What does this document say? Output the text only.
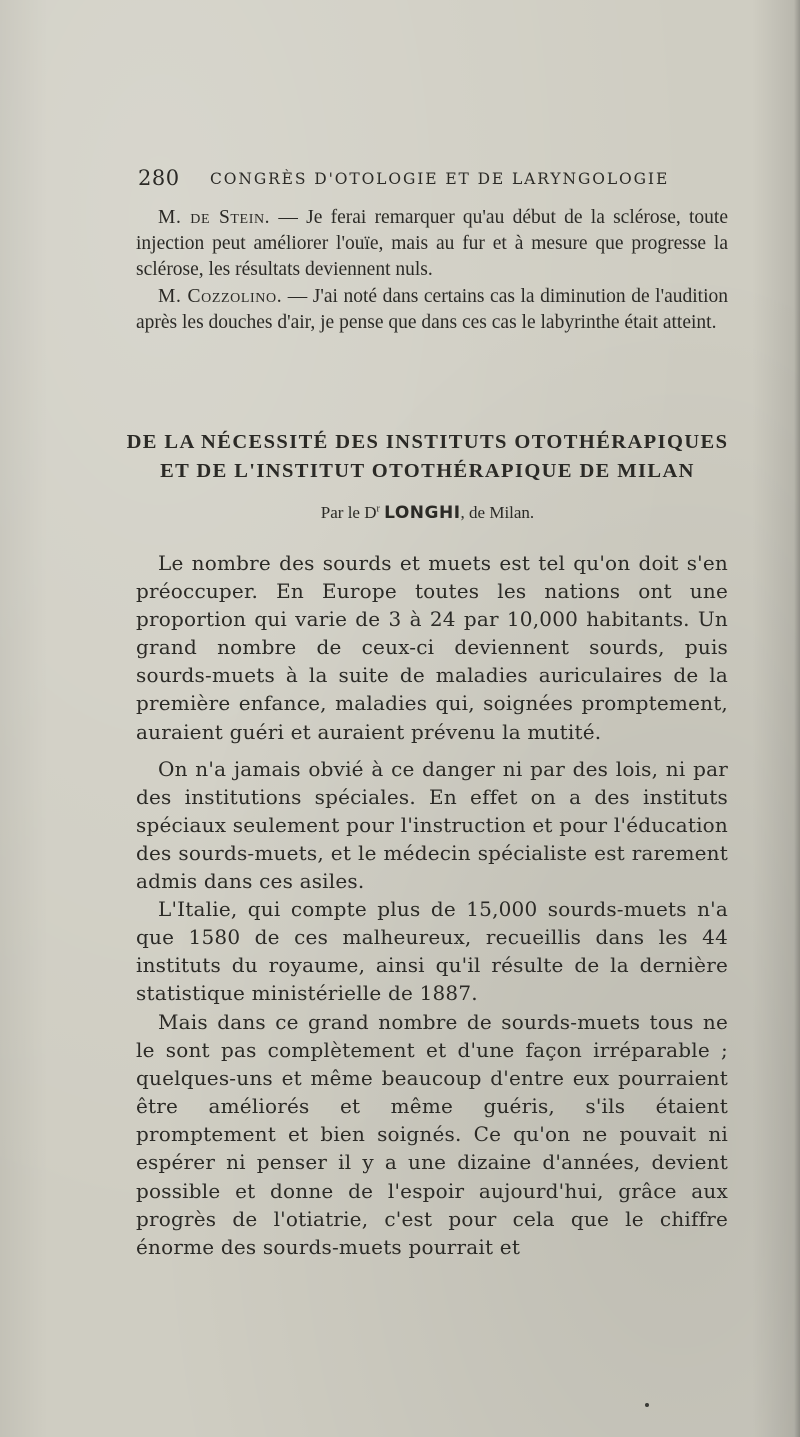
280 CONGRÈS D'OTOLOGIE ET DE LARYNGOLOGIE

M. de Stein. — Je ferai remarquer qu'au début de la sclérose, toute injection peut améliorer l'ouïe, mais au fur et à mesure que progresse la sclérose, les résultats deviennent nuls.

M. Cozzolino. — J'ai noté dans certains cas la diminution de l'audition après les douches d'air, je pense que dans ces cas le labyrinthe était atteint.

DE LA NÉCESSITÉ DES INSTITUTS OTOTHÉRAPIQUES
ET DE L'INSTITUT OTOTHÉRAPIQUE DE MILAN

Par le $D^r$ LONGHI, de Milan.

Le nombre des sourds et muets est tel qu'on doit s'en préoccuper. En Europe toutes les nations ont une proportion qui varie de 3 à 24 par 10,000 habitants. Un grand nombre de ceux-ci deviennent sourds, puis sourds-muets à la suite de maladies auriculaires de la première enfance, maladies qui, soignées promptement, auraient guéri et auraient prévenu la mutité.

On n'a jamais obvié à ce danger ni par des lois, ni par des institutions spéciales. En effet on a des instituts spéciaux seulement pour l'instruction et pour l'éducation des sourds-muets, et le médecin spécialiste est rarement admis dans ces asiles.

L'Italie, qui compte plus de 15,000 sourds-muets n'a que 1580 de ces malheureux, recueillis dans les 44 instituts du royaume, ainsi qu'il résulte de la dernière statistique ministérielle de 1887.

Mais dans ce grand nombre de sourds-muets tous ne le sont pas complètement et d'une façon irréparable ; quelques-uns et même beaucoup d'entre eux pourraient être améliorés et même guéris, s'ils étaient promptement et bien soignés. Ce qu'on ne pouvait ni espérer ni penser il y a une dizaine d'années, devient possible et donne de l'espoir aujourd'hui, grâce aux progrès de l'otiatrie, c'est pour cela que le chiffre énorme des sourds-muets pourrait et
